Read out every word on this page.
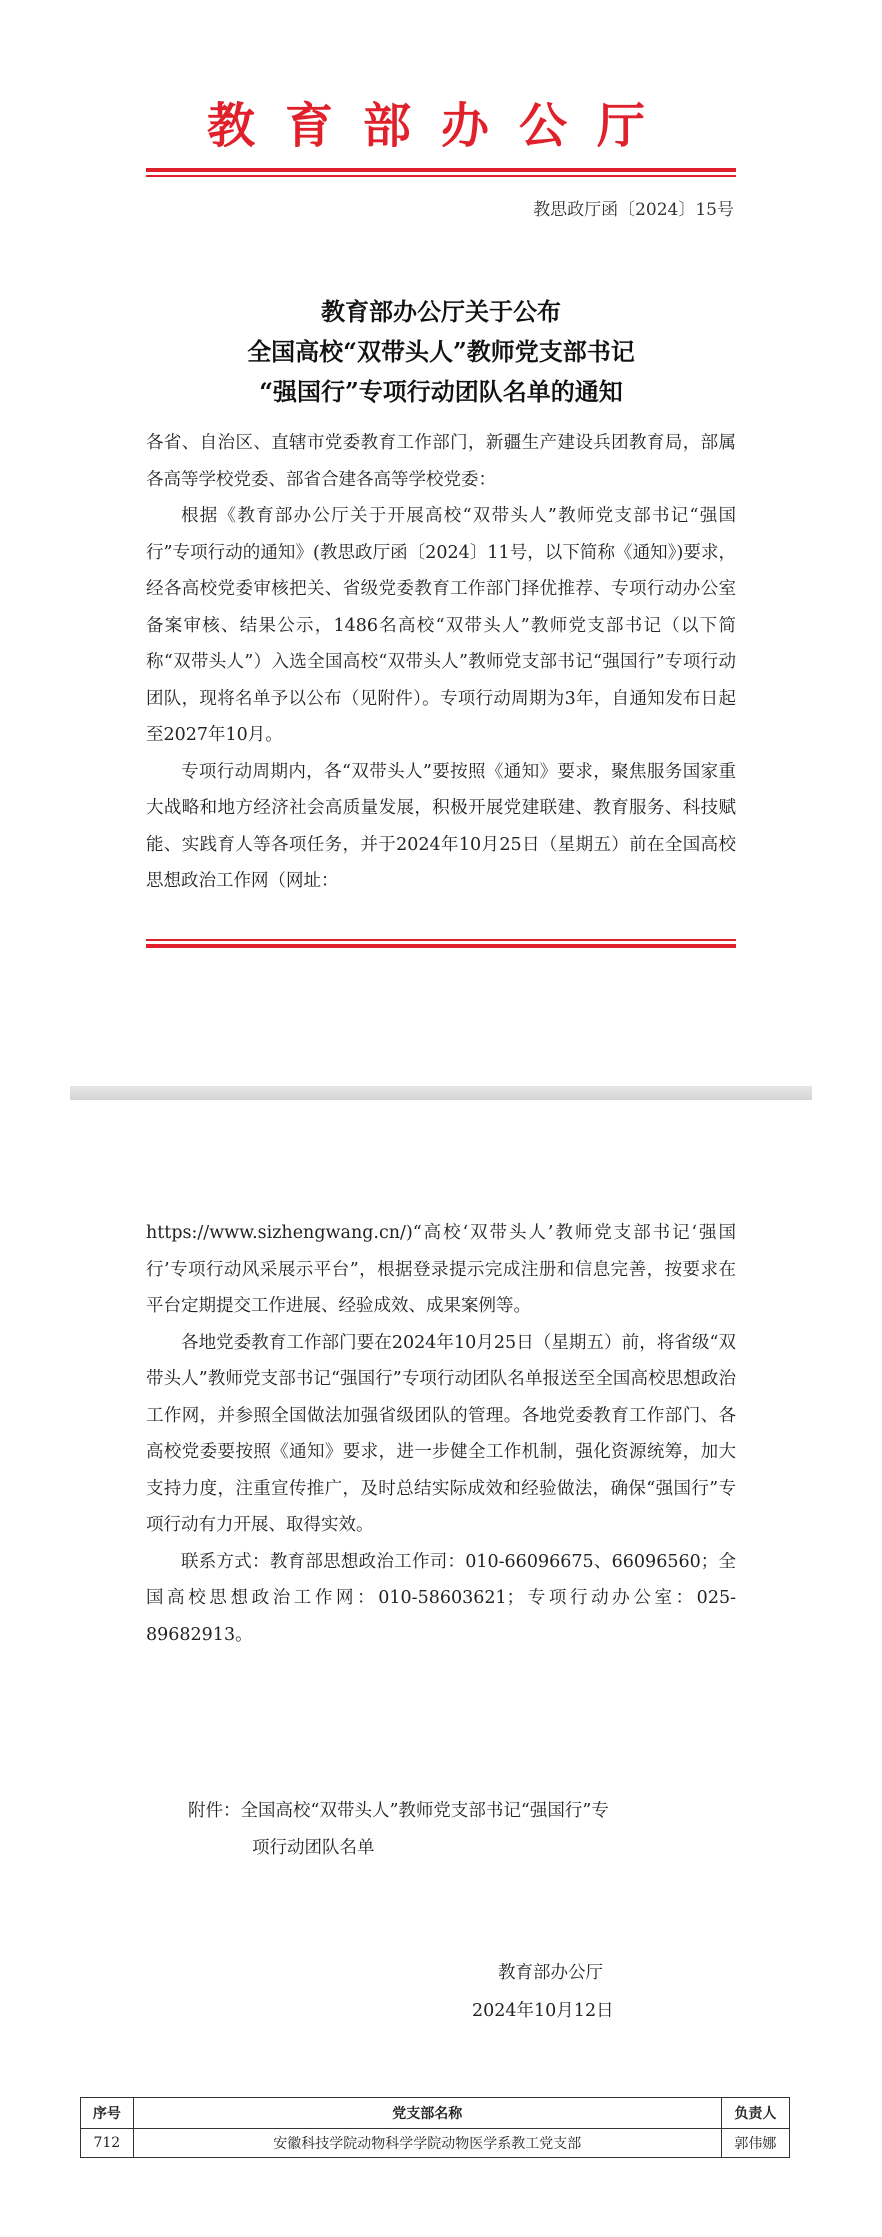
教育部办公厅
教思政厅函〔2024〕15号
教育部办公厅关于公布
全国高校“双带头人”教师党支部书记
“强国行”专项行动团队名单的通知

各省、自治区、直辖市党委教育工作部门，新疆生产建设兵团教育局，部属各高等学校党委、部省合建各高等学校党委：

根据《教育部办公厅关于开展高校“双带头人”教师党支部书记“强国行”专项行动的通知》(教思政厅函〔2024〕11号，以下简称《通知》)要求，经各高校党委审核把关、省级党委教育工作部门择优推荐、专项行动办公室备案审核、结果公示，1486名高校“双带头人”教师党支部书记（以下简称“双带头人”）入选全国高校“双带头人”教师党支部书记“强国行”专项行动团队，现将名单予以公布（见附件）。专项行动周期为3年，自通知发布日起至2027年10月。

专项行动周期内，各“双带头人”要按照《通知》要求，聚焦服务国家重大战略和地方经济社会高质量发展，积极开展党建联建、教育服务、科技赋能、实践育人等各项任务，并于2024年10月25日（星期五）前在全国高校思想政治工作网（网址：

https://www.sizhengwang.cn/)“高校‘双带头人’教师党支部书记‘强国行’专项行动风采展示平台”，根据登录提示完成注册和信息完善，按要求在平台定期提交工作进展、经验成效、成果案例等。

各地党委教育工作部门要在2024年10月25日（星期五）前，将省级“双带头人”教师党支部书记“强国行”专项行动团队名单报送至全国高校思想政治工作网，并参照全国做法加强省级团队的管理。各地党委教育工作部门、各高校党委要按照《通知》要求，进一步健全工作机制，强化资源统筹，加大支持力度，注重宣传推广，及时总结实际成效和经验做法，确保“强国行”专项行动有力开展、取得实效。

联系方式：教育部思想政治工作司：010-66096675、66096560；全国高校思想政治工作网：010-58603621；专项行动办公室：025-89682913。

附件：全国高校“双带头人”教师党支部书记“强国行”专
项行动团队名单
教育部办公厅
2024年10月12日
序号	党支部名称	负责人
712	安徽科技学院动物科学学院动物医学系教工党支部	郭伟娜
